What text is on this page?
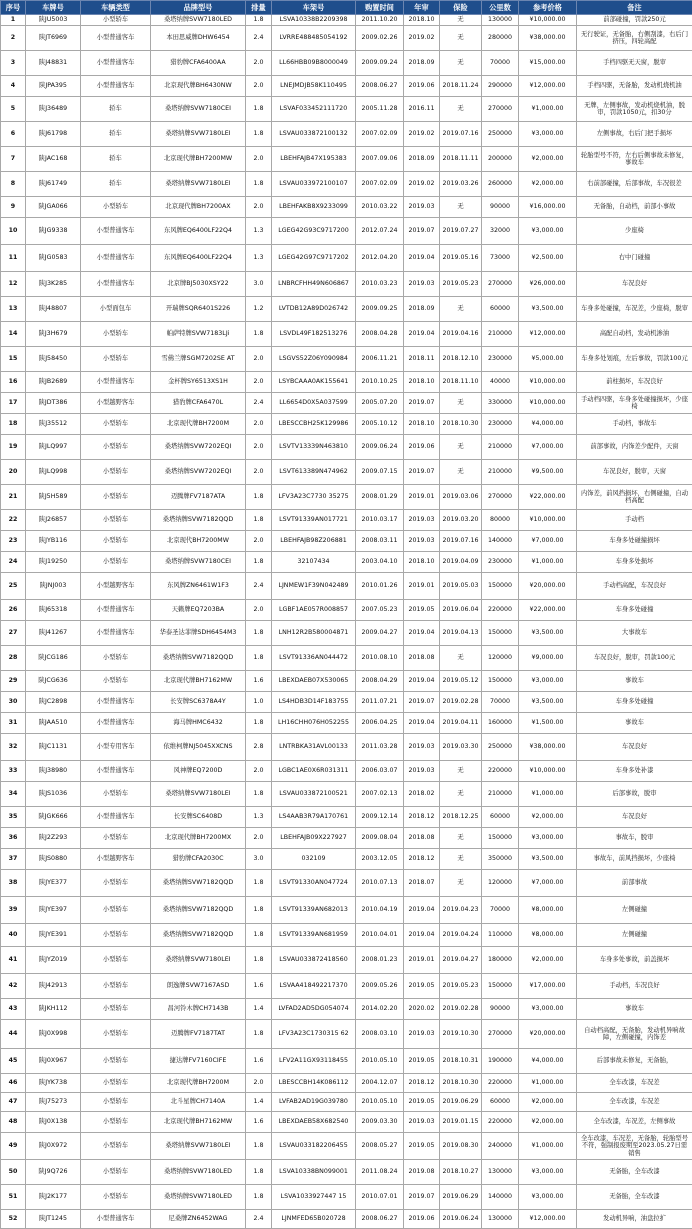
序号	车牌号	车辆类型	品牌型号	排量	车架号	购置时间	年审	保险	公里数	参考价格	备注
1	陕JU5003	小型轿车	桑塔纳牌SVW7180LED	1.8	LSVA10338B2209398	2011.10.20	2018.10	无	130000	¥10,000.00	前部碰撞，罚款250元
2	陕JT6969	小型普通客车	本田思威牌DHW6454	2.4	LVRRE488485054192	2009.02.26	2019.02	无	280000	¥38,000.00	无行驶证，无备胎，右侧刮漆，右后门挤压，四轮高配
3	陕J48831	小型普通客车	猎豹牌CFA6400AA	2.0	LL66HBB09B8000049	2009.09.24	2018.09	无	70000	¥15,000.00	手档四驱无天窗，脱审
4	陕JPA395	小型普通客车	北京现代牌BH6430NW	2.0	LNEJMDJB58K110495	2008.06.27	2019.06	2018.11.24	290000	¥12,000.00	手档四驱，无备胎，发动机烧机油
5	陕J36489	轿车	桑塔纳牌SVW7180CEI	1.8	LSVAF033452111720	2005.11.28	2016.11	无	270000	¥1,000.00	无牌，左侧事故，发动机烧机油，脱审，罚款1050元，扣30分
6	陕J61798	轿车	桑塔纳牌SVW7180LEI	1.8	LSVAU033872100132	2007.02.09	2019.02	2019.07.16	250000	¥3,000.00	左侧事故，右后门把手损坏
7	陕JAC168	轿车	北京现代牌BH7200MW	2.0	LBEHFAJB47X195383	2007.09.06	2018.09	2018.11.11	200000	¥2,000.00	轮胎型号不符，左右后侧事故未修复，事故车
8	陕J61749	轿车	桑塔纳牌SVW7180LEI	1.8	LSVAU033972100107	2007.02.09	2019.02	2019.03.26	260000	¥2,000.00	右前部碰撞，后部事故，车况很差
9	陕JGA066	小型轿车	北京现代牌BH7200AX	2.0	LBEHFAKB8X9233099	2010.03.22	2019.03	无	90000	¥16,000.00	无备胎，自动档，前部小事故
10	陕JG9338	小型普通客车	东风牌EQ6400LF22Q4	1.3	LGEG42G93C9717200	2012.07.24	2019.07	2019.07.27	32000	¥3,000.00	少座椅
11	陕JG0583	小型普通客车	东风牌EQ6400LF22Q4	1.3	LGEG42G97C9717202	2012.04.20	2019.04	2019.05.16	73000	¥2,500.00	右中门碰撞
12	陕J3K285	小型普通客车	北京牌BJ5030XSY22	3.0	LNBRCFHH49N606867	2010.03.23	2019.03	2019.05.23	270000	¥26,000.00	车况良好
13	陕J48807	小型面包车	开瑞牌SQR6401S226	1.2	LVTDB12A89D026742	2009.09.25	2018.09	无	60000	¥3,500.00	车身多处碰撞，车况差，少座椅，脱审
14	陕J3H679	小型轿车	帕萨特牌SVW7183LJi	1.8	LSVDL49F182513276	2008.04.28	2019.04	2019.04.16	210000	¥12,000.00	高配自动档，发动机渗油
15	陕J58450	小型轿车	雪佛兰牌SGM7202SE AT	2.0	LSGVS52Z06Y090984	2006.11.21	2018.11	2018.12.10	230000	¥5,000.00	车身多处划痕，左后事故，罚款100元
16	陕JB2689	小型普通客车	金杯牌SY6513XS1H	2.0	LSYBCAAA0AK155641	2010.10.25	2018.10	2018.11.10	40000	¥10,000.00	前柱损坏，车况良好
17	陕JDT386	小型越野客车	猎豹牌CFA6470L	2.4	LL6654D0X5A037599	2005.07.20	2019.07	无	330000	¥10,000.00	手动档四驱，车身多处碰撞损坏，少座椅
18	陕J35512	小型轿车	北京现代牌BH7200M	2.0	LBESCCBH25K129986	2005.10.12	2018.10	2018.10.30	230000	¥4,000.00	手动档，事故车
19	陕JLQ997	小型轿车	桑塔纳牌SVW7202EQI	2.0	LSVTV13339N463810	2009.06.24	2019.06	无	210000	¥7,000.00	前部事故，内饰差少配件，天窗
20	陕JLQ998	小型轿车	桑塔纳牌SVW7202EQI	2.0	LSVT613389N474962	2009.07.15	2019.07	无	210000	¥9,500.00	车况良好，脱审，天窗
21	陕J5H589	小型轿车	迈腾牌FV7187ATA	1.8	LFV3A23C7730 35275	2008.01.29	2019.01	2019.03.06	270000	¥22,000.00	内饰差，前风挡损坏，右侧碰撞，自动档高配
22	陕J26857	小型轿车	桑塔纳牌SVW7182QQD	1.8	LSVT91339AN017721	2010.03.17	2019.03	2019.03.20	80000	¥10,000.00	手动档
23	陕JYB116	小型轿车	北京现代BH7200MW	2.0	LBEHFAJB98Z206881	2008.03.11	2019.03	2019.07.16	140000	¥7,000.00	车身多处碰撞损坏
24	陕J19250	小型轿车	桑塔纳牌SVW7180CEI	1.8	32107434	2003.04.10	2018.10	2019.04.09	230000	¥1,000.00	车身多处损坏
25	陕JNJ003	小型越野客车	东风牌ZN6461W1F3	2.4	LJNMEW1F39N042489	2010.01.26	2019.01	2019.05.03	150000	¥20,000.00	手动档高配，车况良好
26	陕J65318	小型普通客车	天籁牌EQ7203BA	2.0	LGBF1AE057R008857	2007.05.23	2019.05	2019.06.04	220000	¥22,000.00	车身多处碰撞
27	陕J41267	小型普通客车	华泰圣达菲牌SDH6454M3	1.8	LNH12R2B580004871	2009.04.27	2019.04	2019.04.13	150000	¥3,500.00	大事故车
28	陕JCG186	小型轿车	桑塔纳牌SVW7182QQD	1.8	LSVT91336AN044472	2010.08.10	2018.08	无	120000	¥9,000.00	车况良好，脱审，罚款100元
29	陕JCG636	小型轿车	北京现代牌BH7162MW	1.6	LBEXDAEB07X530065	2008.04.29	2019.04	2019.05.12	150000	¥3,000.00	事故车
30	陕JC2898	小型普通客车	长安牌SC6378A4Y	1.0	LS4HDB3D14F183755	2011.07.21	2019.07	2019.02.28	70000	¥3,500.00	车身多处碰撞
31	陕JAA510	小型普通客车	海马牌HMC6432	1.8	LH16CHH076H052255	2006.04.25	2019.04	2019.04.11	160000	¥1,500.00	事故车
32	陕JC1131	小型专用客车	依维柯牌NJ5045XXCNS	2.8	LNTRBKA31AVL00133	2011.03.28	2019.03	2019.03.30	250000	¥38,000.00	车况良好
33	陕J38980	小型普通客车	风神牌EQ7200D	2.0	LGBC1AE0X6R031311	2006.03.07	2019.03	无	220000	¥10,000.00	车身多处补漆
34	陕JS1036	小型轿车	桑塔纳牌SVW7180LEI	1.8	LSVAU03387210052​1	2007.02.13	2018.02	无	210000	¥1,000.00	后部事故，脱审
35	陕JGK666	小型普通客车	长安牌SC6408D	1.3	LS4AAB3R79A170761	2009.12.14	2018.12	2018.12.25	60000	¥2,000.00	车况良好
36	陕J2Z293	小型轿车	北京现代牌BH7200MX	2.0	LBEHFAJB09X227927	2009.08.04	2018.08	无	150000	¥3,000.00	事故车，脱审
37	陕JS0880	小型越野客车	猎豹牌CFA2030C	3.0	032109	2003.12.05	2018.12	无	350000	¥3,500.00	事故车，前风挡损坏，少座椅
38	陕JYE377	小型轿车	桑塔纳牌SVW7182QQD	1.8	LSVT91330AN047724	2010.07.13	2018.07	无	120000	¥7,000.00	前部事故
39	陕JYE397	小型轿车	桑塔纳牌SVW7182QQD	1.8	LSVT91339AN682013	2010.04.19	2019.04	2019.04.23	70000	¥8,000.00	左侧碰撞
40	陕JYE391	小型轿车	桑塔纳牌SVW7182QQD	1.8	LSVT91339AN681959	2010.04.01	2019.04	2019.04.24	110000	¥8,000.00	左侧碰撞
41	陕JYZ019	小型轿车	桑塔纳牌SVW7180LEI	1.8	LSVAU03387241856​0	2008.01.23	2019.01	2019.04.27	180000	¥2,000.00	车身多处事故，前盖损坏
42	陕J42913	小型轿车	朗逸牌SVW7167ASD	1.6	LSVAA4184922173​70	2009.05.26	2019.05	2019.05.23	150000	¥17,000.00	手动档，车况良好
43	陕JKH112	小型轿车	昌河铃木牌CH7143B	1.4	LVFAD2AD5DG054074	2014.02.20	2020.02	2019.02.28	90000	¥3,000.00	事故车
44	陕J0X998	小型轿车	迈腾牌FV7187TAT	1.8	LFV3A23C1730315 62	2008.03.10	2019.03	2019.10.30	270000	¥20,000.00	自动档高配，无备胎，发动机异响故障，左侧碰撞，内饰差
45	陕J0X967	小型轿车	捷达牌FV7160CIFE	1.6	LFV2A11GX93118455	2010.05.10	2019.05	2018.10.31	190000	¥4,000.00	后部事故未修复，无备胎，
46	陕JYK738	小型轿车	北京现代牌BH7200M	2.0	LBESCCBH14K086112	2004.12.07	2018.12	2018.10.30	220000	¥1,000.00	全车改漆，车况差
47	陕J75273	小型轿车	北斗星牌CH7140A	1.4	LVFAB2AD19G039780	2010.05.10	2019.05	2019.06.29	60000	¥2,000.00	全车改漆，车况差
48	陕J0X138	小型轿车	北京现代牌BH7162MW	1.6	LBEXDAEB58X682540	2009.03.30	2019.03	2019.01.15	220000	¥2,000.00	全车改漆，车况差，左侧事故
49	陕J0X972	小型轿车	桑塔纳牌SVW7180LEI	1.8	LSVAU033182206455	2008.05.27	2019.05	2019.08.30	240000	¥1,000.00	全车改漆，车况差，无备胎，轮胎型号不符，强制报废期至2023.05.27日需销售
50	陕J9Q726	小型轿车	桑塔纳牌SVW7180LED	1.8	LSVA10338BN099001	2011.08.24	2019.08	2018.10.27	130000	¥3,000.00	无备胎，全车改漆
51	陕J2K177	小型轿车	桑塔纳牌SVW7180LED	1.8	LSVA10339274​47 15	2010.07.01	2019.07	2019.06.29	140000	¥3,000.00	无备胎，全车改漆
52	陕JT1245	小型普通客车	尼桑牌ZN6452WAG	2.4	LJNMFED65B020728	2008.06.27	2019.06	2019.06.24	130000	¥12,000.00	发动机异响，油盘拉扩
